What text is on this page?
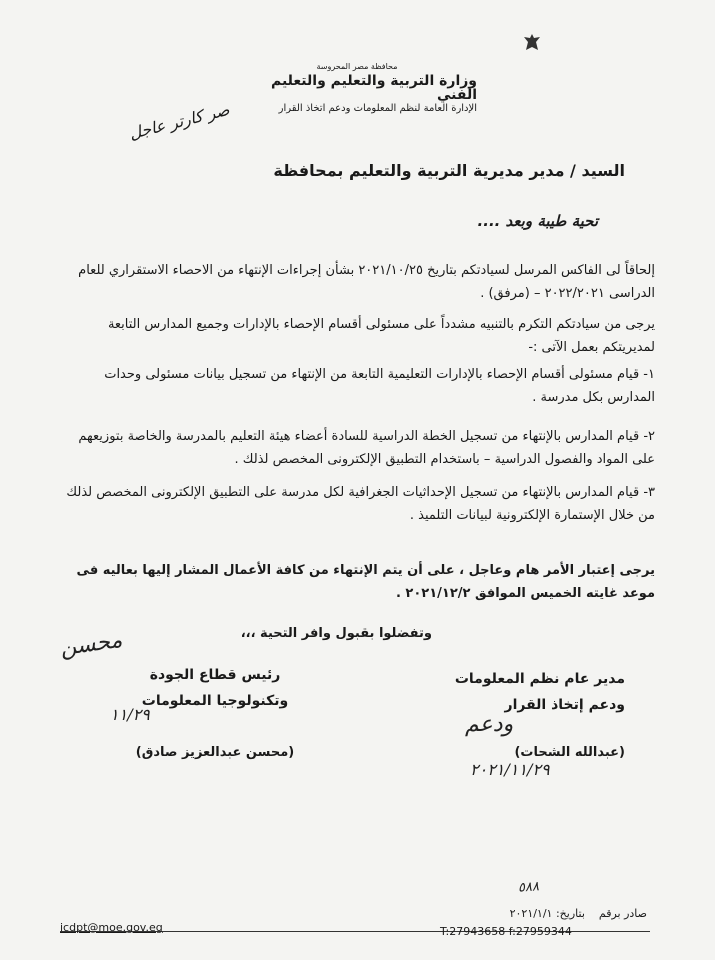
محافظة مصر المحروسة
وزارة التربية والتعليم والتعليم الفني
الإدارة العامة لنظم المعلومات ودعم اتخاذ القرار
صر كارتر عاجل
السيد / مدير مديرية التربية والتعليم بمحافظة
تحية طيبة وبعد ....
إلحاقاً لى الفاكس المرسل لسيادتكم بتاريخ ٢٠٢١/١٠/٢٥ بشأن إجراءات الإنتهاء من الاحصاء الاستقراري للعام الدراسى ٢٠٢٢/٢٠٢١ – (مرفق) .
يرجى من سيادتكم التكرم بالتنبيه مشدداً على مسئولى أقسام الإحصاء بالإدارات وجميع المدارس التابعة لمديريتكم بعمل الآتى :-
١- قيام مسئولى أقسام الإحصاء بالإدارات التعليمية التابعة من الإنتهاء من تسجيل بيانات مسئولى وحدات المدارس بكل مدرسة .
٢- قيام المدارس بالإنتهاء من تسجيل الخطة الدراسية للسادة أعضاء هيئة التعليم بالمدرسة والخاصة بتوزيعهم على المواد والفصول الدراسية – باستخدام التطبيق الإلكترونى المخصص لذلك .
٣- قيام المدارس بالإنتهاء من تسجيل الإحداثيات الجغرافية لكل مدرسة على التطبيق الإلكترونى المخصص لذلك من خلال الإستمارة الإلكترونية لبيانات التلميذ .
يرجى إعتبار الأمر هام وعاجل ، على أن يتم الإنتهاء من كافة الأعمال المشار إليها بعاليه فى موعد غايته الخميس الموافق ٢٠٢١/١٢/٢ .
وتفضلوا بقبول وافر التحية ،،،
محسن
رئيس قطاع الجودة
وتكنولوجيا المعلومات
(محسن عبدالعزيز صادق)
١١/٢٩
مدير عام نظم المعلومات
ودعم إتخاذ القرار
(عبدالله الشحات)
ودعم
٢٠٢١/١١/٢٩
٥٨٨
صادر برقم    بتاريخ: ٢٠٢١/١/١
icdpt@moe.gov.eg	T:27943658 f:27959344
